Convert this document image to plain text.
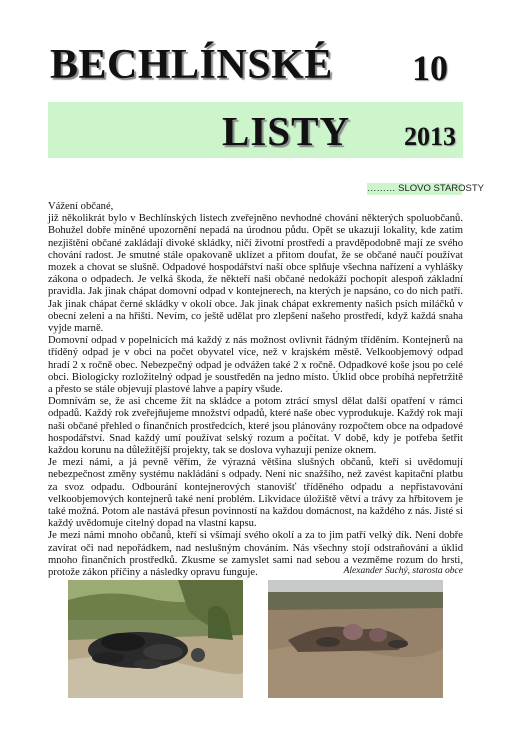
BECHLÍNSKÉ 10
LISTY 2013
……… SLOVO STAROSTY

Vážení občané,

již několikrát bylo v Bechlínských listech zveřejněno nevhodné chování některých spoluobčanů. Bohužel dobře míněné upozornění nepadá na úrodnou půdu. Opět se ukazují lokality, kde zatím nezjištění občané zakládají divoké skládky, ničí životní prostředí a pravděpodobně mají ze svého chování radost. Je smutné stále opakovaně uklízet a přitom doufat, že se občané naučí používat mozek a chovat se slušně. Odpadové hospodářství naší obce splňuje všechna nařízení a vyhlášky zákona o odpadech. Je velká škoda, že někteří naši občané nedokáží pochopit alespoň základní pravidla. Jak jinak chápat domovní odpad v kontejnerech, na kterých je napsáno, co do nich patří. Jak jinak chápat černé skládky v okolí obce. Jak jinak chápat exkrementy našich psích miláčků v obecní zeleni a na hřišti. Nevím, co ještě udělat pro zlepšení našeho prostředí, když každá snaha vyjde marně.

Domovní odpad v popelnicích má každý z nás možnost ovlivnit řádným tříděním. Kontejnerů na tříděný odpad je v obci na počet obyvatel více, než v krajském městě. Velkoobjemový odpad hradí 2 x ročně obec. Nebezpečný odpad je odvážen také 2 x ročně. Odpadkové koše jsou po celé obci. Biologicky rozložitelný odpad je soustředěn na jedno místo. Úklid obce probíhá nepřetržitě a přesto se stále objevují plastové lahve a papíry všude.

Domnívám se, že asi chceme žít na skládce a potom ztrácí smysl dělat další opatření v rámci odpadů. Každý rok zveřejňujeme množství odpadů, které naše obec vyprodukuje. Každý rok mají naši občané přehled o finančních prostředcích, které jsou plánovány rozpočtem obce na odpadové hospodářství. Snad každý umí používat selský rozum a počítat. V době, kdy je potřeba šetřit každou korunu na důležitější projekty, tak se doslova vyhazují peníze oknem.

Je mezi námi, a já pevně věřím, že výrazná většina slušných občanů, kteří si uvědomují nebezpečnost změny systému nakládání s odpady. Není nic snažšího, než zavést kapitační platbu za svoz odpadu. Odbourání kontejnerových stanovišť tříděného odpadu a nepřistavování velkoobjemových kontejnerů také není problém. Likvidace úložiště větví a trávy za hřbitovem je také možná. Potom ale nastává přesun povinností na každou domácnost, na každého z nás. Jisté si každý uvědomuje citelný dopad na vlastní kapsu.

Je mezi námi mnoho občanů, kteří si všímají svého okolí a za to jim patří velký dík. Není dobře zavírat oči nad nepořádkem, nad neslušným chováním. Nás všechny stojí odstraňování a úklid mnoho finančních prostředků. Zkusme se zamyslet sami nad sebou a vezměme rozum do hrsti, protože zákon příčiny a následky opravu funguje.	Alexander Suchý, starosta obce
